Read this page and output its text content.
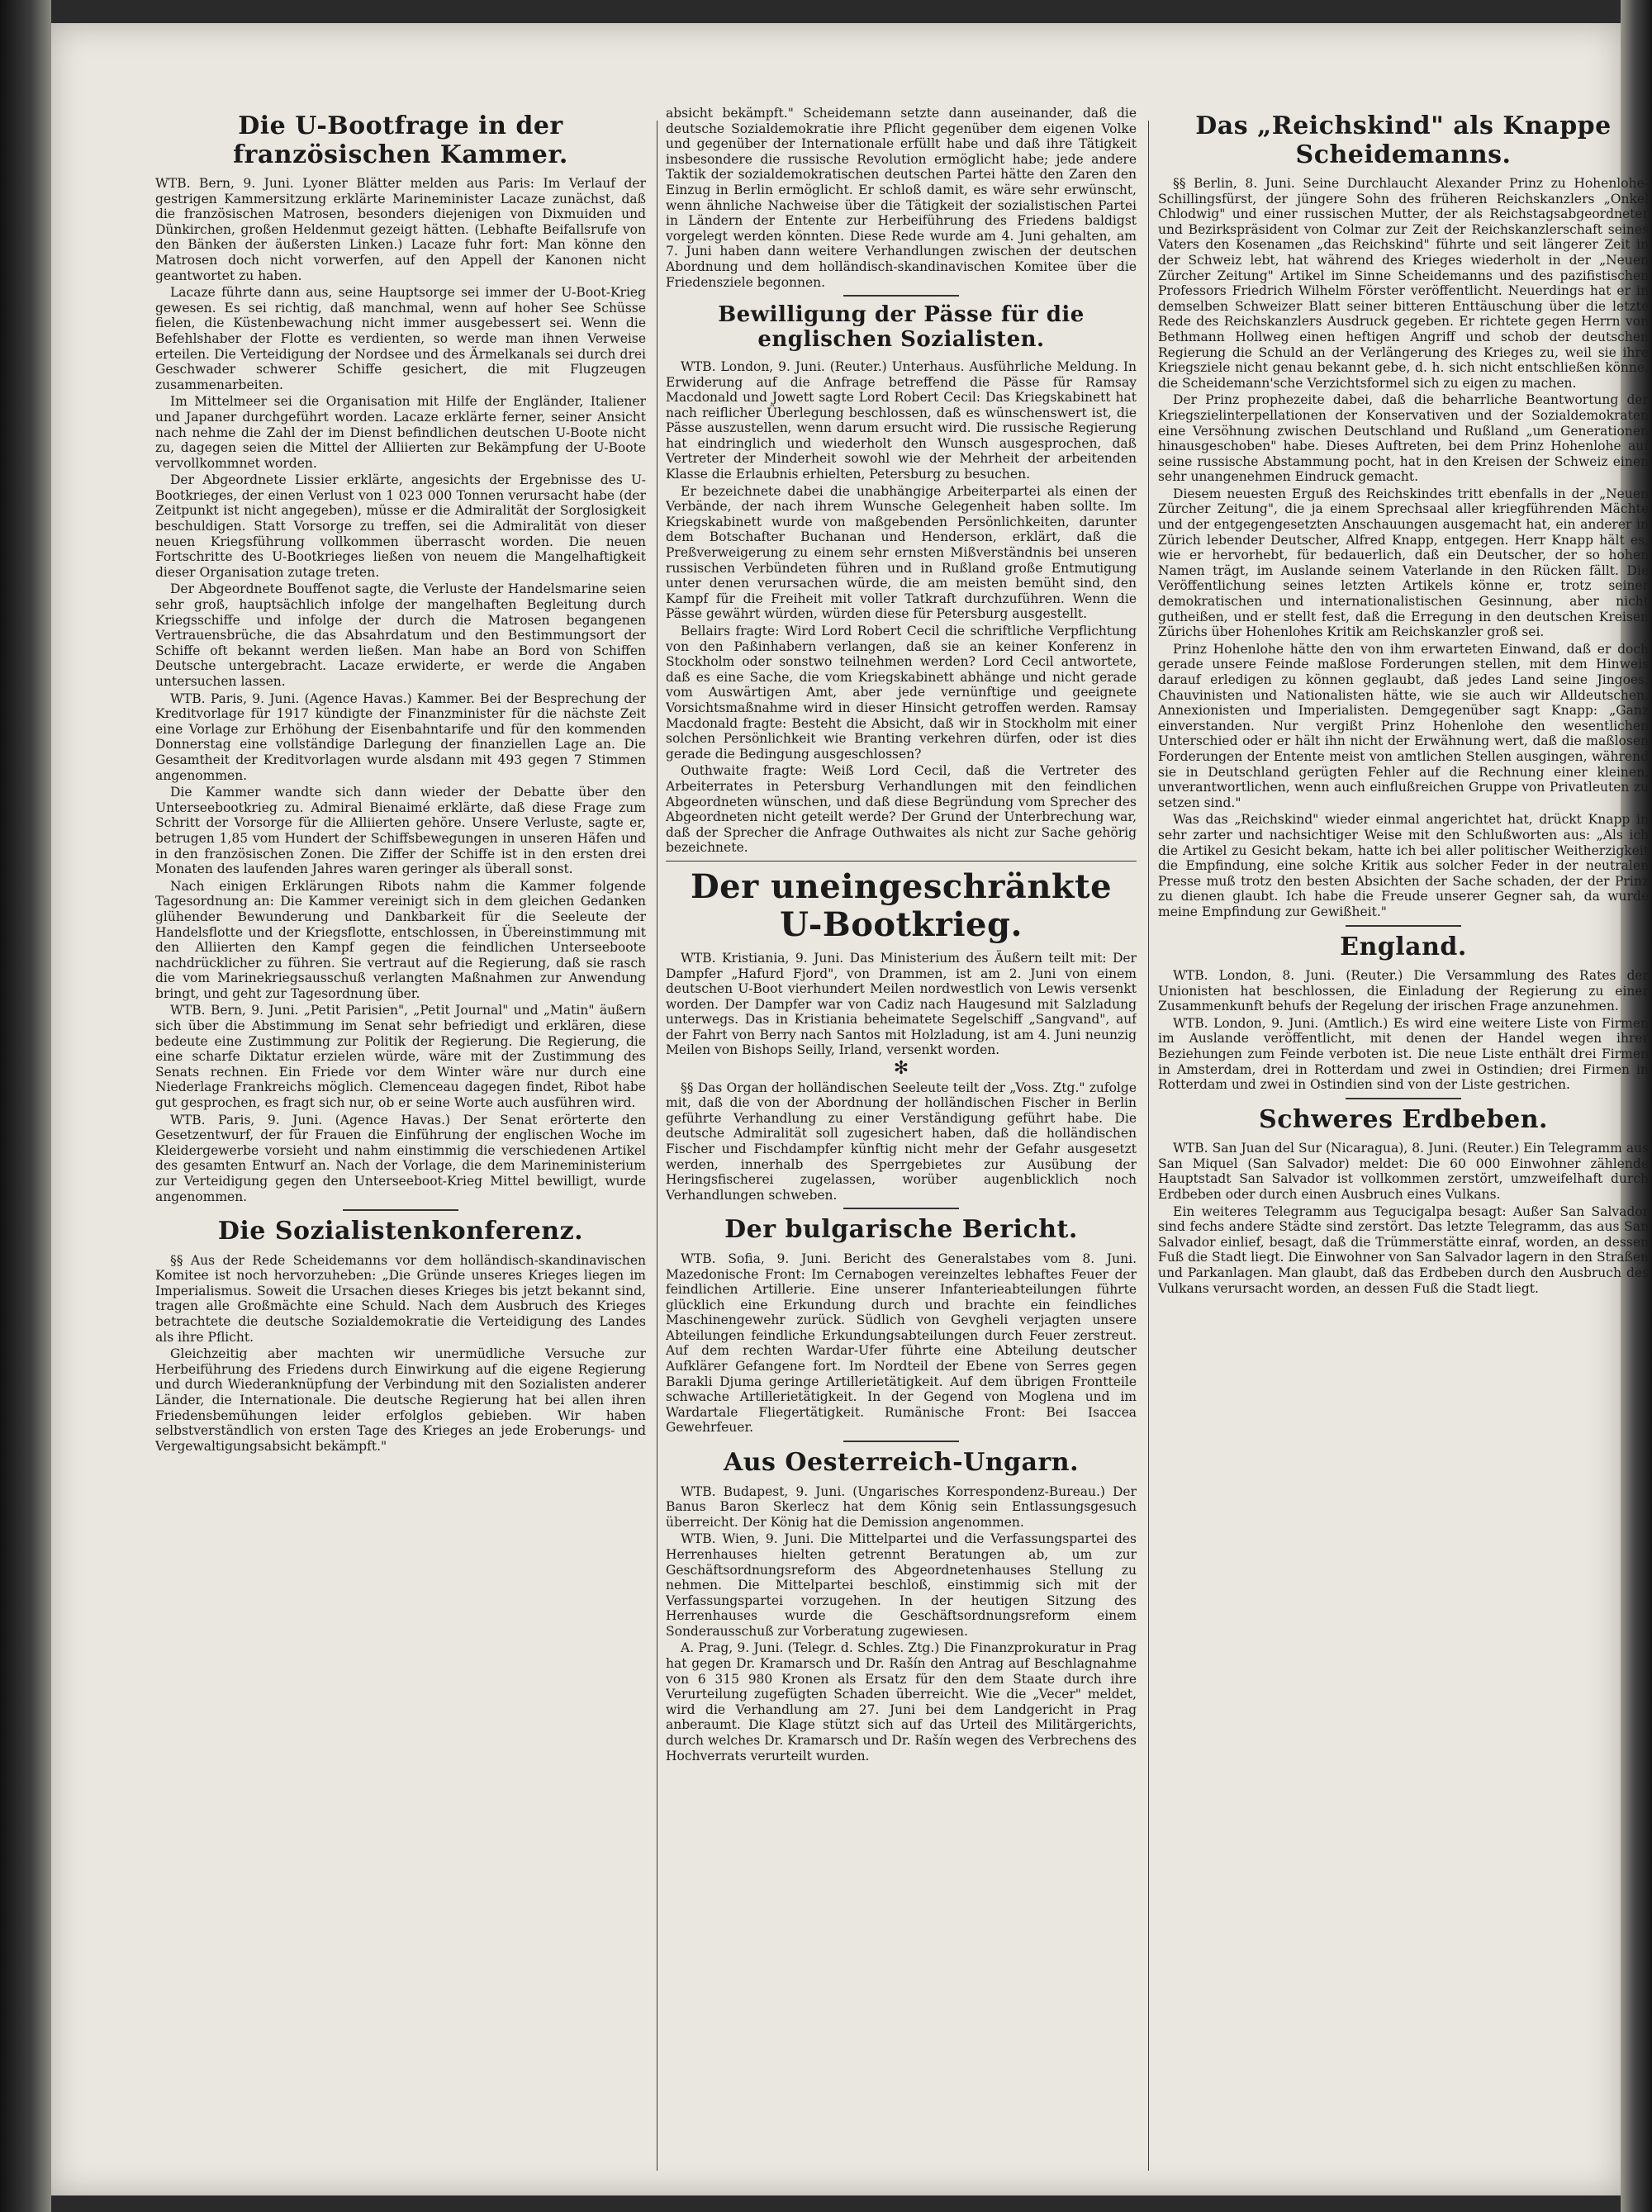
Die U-Bootfrage in der französischen Kammer.

WTB. Bern, 9. Juni. Lyoner Blätter melden aus Paris: Im Verlauf der gestrigen Kammersitzung erklärte Marineminister Lacaze zunächst, daß die französischen Matrosen, besonders diejenigen von Dixmuiden und Dünkirchen, großen Heldenmut gezeigt hätten. (Lebhafte Beifallsrufe von den Bänken der äußersten Linken.) Lacaze fuhr fort: Man könne den Matrosen doch nicht vorwerfen, auf den Appell der Kanonen nicht geantwortet zu haben.

Lacaze führte dann aus, seine Hauptsorge sei immer der U-Boot-Krieg gewesen. Es sei richtig, daß manchmal, wenn auf hoher See Schüsse fielen, die Küstenbewachung nicht immer ausgebessert sei. Wenn die Befehlshaber der Flotte es verdienten, so werde man ihnen Verweise erteilen. Die Verteidigung der Nordsee und des Ärmelkanals sei durch drei Geschwader schwerer Schiffe gesichert, die mit Flugzeugen zusammenarbeiten.

Im Mittelmeer sei die Organisation mit Hilfe der Engländer, Italiener und Japaner durchgeführt worden. Lacaze erklärte ferner, seiner Ansicht nach nehme die Zahl der im Dienst befindlichen deutschen U-Boote nicht zu, dagegen seien die Mittel der Alliierten zur Bekämpfung der U-Boote vervollkommnet worden.

Der Abgeordnete Lissier erklärte, angesichts der Ergebnisse des U-Bootkrieges, der einen Verlust von 1 023 000 Tonnen verursacht habe (der Zeitpunkt ist nicht angegeben), müsse er die Admiralität der Sorglosigkeit beschuldigen. Statt Vorsorge zu treffen, sei die Admiralität von dieser neuen Kriegsführung vollkommen überrascht worden. Die neuen Fortschritte des U-Bootkrieges ließen von neuem die Mangelhaftigkeit dieser Organisation zutage treten.

Der Abgeordnete Bouffenot sagte, die Verluste der Handelsmarine seien sehr groß, hauptsächlich infolge der mangelhaften Begleitung durch Kriegsschiffe und infolge der durch die Matrosen begangenen Vertrauensbrüche, die das Absahrdatum und den Bestimmungsort der Schiffe oft bekannt werden ließen. Man habe an Bord von Schiffen Deutsche untergebracht. Lacaze erwiderte, er werde die Angaben untersuchen lassen.

WTB. Paris, 9. Juni. (Agence Havas.) Kammer. Bei der Besprechung der Kreditvorlage für 1917 kündigte der Finanzminister für die nächste Zeit eine Vorlage zur Erhöhung der Eisenbahntarife und für den kommenden Donnerstag eine vollständige Darlegung der finanziellen Lage an. Die Gesamtheit der Kreditvorlagen wurde alsdann mit 493 gegen 7 Stimmen angenommen.

Die Kammer wandte sich dann wieder der Debatte über den Unterseebootkrieg zu. Admiral Bienaimé erklärte, daß diese Frage zum Schritt der Vorsorge für die Alliierten gehöre. Unsere Verluste, sagte er, betrugen 1,85 vom Hundert der Schiffsbewegungen in unseren Häfen und in den französischen Zonen. Die Ziffer der Schiffe ist in den ersten drei Monaten des laufenden Jahres waren geringer als überall sonst.

Nach einigen Erklärungen Ribots nahm die Kammer folgende Tagesordnung an: Die Kammer vereinigt sich in dem gleichen Gedanken glühender Bewunderung und Dankbarkeit für die Seeleute der Handelsflotte und der Kriegsflotte, entschlossen, in Übereinstimmung mit den Alliierten den Kampf gegen die feindlichen Unterseeboote nachdrücklicher zu führen. Sie vertraut auf die Regierung, daß sie rasch die vom Marinekriegsausschuß verlangten Maßnahmen zur Anwendung bringt, und geht zur Tagesordnung über.

WTB. Bern, 9. Juni. „Petit Parisien", „Petit Journal" und „Matin" äußern sich über die Abstimmung im Senat sehr befriedigt und erklären, diese bedeute eine Zustimmung zur Politik der Regierung. Die Regierung, die eine scharfe Diktatur erzielen würde, wäre mit der Zustimmung des Senats rechnen. Ein Friede vor dem Winter wäre nur durch eine Niederlage Frankreichs möglich. Clemenceau dagegen findet, Ribot habe gut gesprochen, es fragt sich nur, ob er seine Worte auch ausführen wird.

WTB. Paris, 9. Juni. (Agence Havas.) Der Senat erörterte den Gesetzentwurf, der für Frauen die Einführung der englischen Woche im Kleidergewerbe vorsieht und nahm einstimmig die verschiedenen Artikel des gesamten Entwurf an. Nach der Vorlage, die dem Marineministerium zur Verteidigung gegen den Unterseeboot-Krieg Mittel bewilligt, wurde angenommen.

Die Sozialistenkonferenz.

§§ Aus der Rede Scheidemanns vor dem holländisch-skandinavischen Komitee ist noch hervorzuheben: „Die Gründe unseres Krieges liegen im Imperialismus. Soweit die Ursachen dieses Krieges bis jetzt bekannt sind, tragen alle Großmächte eine Schuld. Nach dem Ausbruch des Krieges betrachtete die deutsche Sozialdemokratie die Verteidigung des Landes als ihre Pflicht.

Gleichzeitig aber machten wir unermüdliche Versuche zur Herbeiführung des Friedens durch Einwirkung auf die eigene Regierung und durch Wiederanknüpfung der Verbindung mit den Sozialisten anderer Länder, die Internationale. Die deutsche Regierung hat bei allen ihren Friedensbemühungen leider erfolglos gebieben. Wir haben selbstverständlich von ersten Tage des Krieges an jede Eroberungs- und Vergewaltigungsabsicht bekämpft."

absicht bekämpft." Scheidemann setzte dann auseinander, daß die deutsche Sozialdemokratie ihre Pflicht gegenüber dem eigenen Volke und gegenüber der Internationale erfüllt habe und daß ihre Tätigkeit insbesondere die russische Revolution ermöglicht habe; jede andere Taktik der sozialdemokratischen deutschen Partei hätte den Zaren den Einzug in Berlin ermöglicht. Er schloß damit, es wäre sehr erwünscht, wenn ähnliche Nachweise über die Tätigkeit der sozialistischen Partei in Ländern der Entente zur Herbeiführung des Friedens baldigst vorgelegt werden könnten. Diese Rede wurde am 4. Juni gehalten, am 7. Juni haben dann weitere Verhandlungen zwischen der deutschen Abordnung und dem holländisch-skandinavischen Komitee über die Friedensziele begonnen.

Bewilligung der Pässe für die englischen Sozialisten.

WTB. London, 9. Juni. (Reuter.) Unterhaus. Ausführliche Meldung. In Erwiderung auf die Anfrage betreffend die Pässe für Ramsay Macdonald und Jowett sagte Lord Robert Cecil: Das Kriegskabinett hat nach reiflicher Überlegung beschlossen, daß es wünschenswert ist, die Pässe auszustellen, wenn darum ersucht wird. Die russische Regierung hat eindringlich und wiederholt den Wunsch ausgesprochen, daß Vertreter der Minderheit sowohl wie der Mehrheit der arbeitenden Klasse die Erlaubnis erhielten, Petersburg zu besuchen.

Er bezeichnete dabei die unabhängige Arbeiterpartei als einen der Verbände, der nach ihrem Wunsche Gelegenheit haben sollte. Im Kriegskabinett wurde von maßgebenden Persönlichkeiten, darunter dem Botschafter Buchanan und Henderson, erklärt, daß die Preßverweigerung zu einem sehr ernsten Mißverständnis bei unseren russischen Verbündeten führen und in Rußland große Entmutigung unter denen verursachen würde, die am meisten bemüht sind, den Kampf für die Freiheit mit voller Tatkraft durchzuführen. Wenn die Pässe gewährt würden, würden diese für Petersburg ausgestellt.

Bellairs fragte: Wird Lord Robert Cecil die schriftliche Verpflichtung von den Paßinhabern verlangen, daß sie an keiner Konferenz in Stockholm oder sonstwo teilnehmen werden? Lord Cecil antwortete, daß es eine Sache, die vom Kriegskabinett abhänge und nicht gerade vom Auswärtigen Amt, aber jede vernünftige und geeignete Vorsichtsmaßnahme wird in dieser Hinsicht getroffen werden. Ramsay Macdonald fragte: Besteht die Absicht, daß wir in Stockholm mit einer solchen Persönlichkeit wie Branting verkehren dürfen, oder ist dies gerade die Bedingung ausgeschlossen?

Outhwaite fragte: Weiß Lord Cecil, daß die Vertreter des Arbeiterrates in Petersburg Verhandlungen mit den feindlichen Abgeordneten wünschen, und daß diese Begründung vom Sprecher des Abgeordneten nicht geteilt werde? Der Grund der Unterbrechung war, daß der Sprecher die Anfrage Outhwaites als nicht zur Sache gehörig bezeichnete.

Der uneingeschränkte U-Bootkrieg.

WTB. Kristiania, 9. Juni. Das Ministerium des Äußern teilt mit: Der Dampfer „Hafurd Fjord", von Drammen, ist am 2. Juni von einem deutschen U-Boot vierhundert Meilen nordwestlich von Lewis versenkt worden. Der Dampfer war von Cadiz nach Haugesund mit Salzladung unterwegs. Das in Kristiania beheimatete Segelschiff „Sangvand", auf der Fahrt von Berry nach Santos mit Holzladung, ist am 4. Juni neunzig Meilen von Bishops Seilly, Irland, versenkt worden.

✻

§§ Das Organ der holländischen Seeleute teilt der „Voss. Ztg." zufolge mit, daß die von der Abordnung der holländischen Fischer in Berlin geführte Verhandlung zu einer Verständigung geführt habe. Die deutsche Admiralität soll zugesichert haben, daß die holländischen Fischer und Fischdampfer künftig nicht mehr der Gefahr ausgesetzt werden, innerhalb des Sperrgebietes zur Ausübung der Heringsfischerei zugelassen, worüber augenblicklich noch Verhandlungen schweben.

Der bulgarische Bericht.

WTB. Sofia, 9. Juni. Bericht des Generalstabes vom 8. Juni. Mazedonische Front: Im Cernabogen vereinzeltes lebhaftes Feuer der feindlichen Artillerie. Eine unserer Infanterieabteilungen führte glücklich eine Erkundung durch und brachte ein feindliches Maschinengewehr zurück. Südlich von Gevgheli verjagten unsere Abteilungen feindliche Erkundungsabteilungen durch Feuer zerstreut. Auf dem rechten Wardar-Ufer führte eine Abteilung deutscher Aufklärer Gefangene fort. Im Nordteil der Ebene von Serres gegen Barakli Djuma geringe Artillerietätigkeit. Auf dem übrigen Frontteile schwache Artillerietätigkeit. In der Gegend von Moglena und im Wardartale Fliegertätigkeit. Rumänische Front: Bei Isaccea Gewehrfeuer.

Aus Oesterreich-Ungarn.

WTB. Budapest, 9. Juni. (Ungarisches Korrespondenz-Bureau.) Der Banus Baron Skerlecz hat dem König sein Entlassungsgesuch überreicht. Der König hat die Demission angenommen.

WTB. Wien, 9. Juni. Die Mittelpartei und die Verfassungspartei des Herrenhauses hielten getrennt Beratungen ab, um zur Geschäftsordnungsreform des Abgeordnetenhauses Stellung zu nehmen. Die Mittelpartei beschloß, einstimmig sich mit der Verfassungspartei vorzugehen. In der heutigen Sitzung des Herrenhauses wurde die Geschäftsordnungsreform einem Sonderausschuß zur Vorberatung zugewiesen.

A. Prag, 9. Juni. (Telegr. d. Schles. Ztg.) Die Finanzprokuratur in Prag hat gegen Dr. Kramarsch und Dr. Rašín den Antrag auf Beschlagnahme von 6 315 980 Kronen als Ersatz für den dem Staate durch ihre Verurteilung zugefügten Schaden überreicht. Wie die „Vecer" meldet, wird die Verhandlung am 27. Juni bei dem Landgericht in Prag anberaumt. Die Klage stützt sich auf das Urteil des Militärgerichts, durch welches Dr. Kramarsch und Dr. Rašín wegen des Verbrechens des Hochverrats verurteilt wurden.

Das „Reichskind" als Knappe Scheidemanns.

§§ Berlin, 8. Juni. Seine Durchlaucht Alexander Prinz zu Hohenlohe-Schillingsfürst, der jüngere Sohn des früheren Reichskanzlers „Onkel Chlodwig" und einer russischen Mutter, der als Reichstagsabgeordneter und Bezirkspräsident von Colmar zur Zeit der Reichskanzlerschaft seines Vaters den Kosenamen „das Reichskind" führte und seit längerer Zeit in der Schweiz lebt, hat während des Krieges wiederholt in der „Neuen Zürcher Zeitung" Artikel im Sinne Scheidemanns und des pazifistischen Professors Friedrich Wilhelm Förster veröffentlicht. Neuerdings hat er in demselben Schweizer Blatt seiner bitteren Enttäuschung über die letzte Rede des Reichskanzlers Ausdruck gegeben. Er richtete gegen Herrn von Bethmann Hollweg einen heftigen Angriff und schob der deutschen Regierung die Schuld an der Verlängerung des Krieges zu, weil sie ihre Kriegsziele nicht genau bekannt gebe, d. h. sich nicht entschließen könne, die Scheidemann'sche Verzichtsformel sich zu eigen zu machen.

Der Prinz prophezeite dabei, daß die beharrliche Beantwortung der Kriegszielinterpellationen der Konservativen und der Sozialdemokraten eine Versöhnung zwischen Deutschland und Rußland „um Generationen hinausgeschoben" habe. Dieses Auftreten, bei dem Prinz Hohenlohe auf seine russische Abstammung pocht, hat in den Kreisen der Schweiz einen sehr unangenehmen Eindruck gemacht.

Diesem neuesten Erguß des Reichskindes tritt ebenfalls in der „Neuen Zürcher Zeitung", die ja einem Sprechsaal aller kriegführenden Mächte und der entgegengesetzten Anschauungen ausgemacht hat, ein anderer in Zürich lebender Deutscher, Alfred Knapp, entgegen. Herr Knapp hält es, wie er hervorhebt, für bedauerlich, daß ein Deutscher, der so hohen Namen trägt, im Auslande seinem Vaterlande in den Rücken fällt. Die Veröffentlichung seines letzten Artikels könne er, trotz seiner demokratischen und internationalistischen Gesinnung, aber nicht gutheißen, und er stellt fest, daß die Erregung in den deutschen Kreisen Zürichs über Hohenlohes Kritik am Reichskanzler groß sei.

Prinz Hohenlohe hätte den von ihm erwarteten Einwand, daß er doch gerade unsere Feinde maßlose Forderungen stellen, mit dem Hinweis darauf erledigen zu können geglaubt, daß jedes Land seine Jingoes, Chauvinisten und Nationalisten hätte, wie sie auch wir Alldeutschen, Annexionisten und Imperialisten. Demgegenüber sagt Knapp: „Ganz einverstanden. Nur vergißt Prinz Hohenlohe den wesentlichen Unterschied oder er hält ihn nicht der Erwähnung wert, daß die maßlosen Forderungen der Entente meist von amtlichen Stellen ausgingen, während sie in Deutschland gerügten Fehler auf die Rechnung einer kleinen, unverantwortlichen, wenn auch einflußreichen Gruppe von Privatleuten zu setzen sind."

Was das „Reichskind" wieder einmal angerichtet hat, drückt Knapp in sehr zarter und nachsichtiger Weise mit den Schlußworten aus: „Als ich die Artikel zu Gesicht bekam, hatte ich bei aller politischer Weitherzigkeit die Empfindung, eine solche Kritik aus solcher Feder in der neutralen Presse muß trotz den besten Absichten der Sache schaden, der der Prinz zu dienen glaubt. Ich habe die Freude unserer Gegner sah, da wurde meine Empfindung zur Gewißheit."

England.

WTB. London, 8. Juni. (Reuter.) Die Versammlung des Rates der Unionisten hat beschlossen, die Einladung der Regierung zu einer Zusammenkunft behufs der Regelung der irischen Frage anzunehmen.

WTB. London, 9. Juni. (Amtlich.) Es wird eine weitere Liste von Firmen im Auslande veröffentlicht, mit denen der Handel wegen ihrer Beziehungen zum Feinde verboten ist. Die neue Liste enthält drei Firmen in Amsterdam, drei in Rotterdam und zwei in Ostindien; drei Firmen in Rotterdam und zwei in Ostindien sind von der Liste gestrichen.

Schweres Erdbeben.

WTB. San Juan del Sur (Nicaragua), 8. Juni. (Reuter.) Ein Telegramm aus San Miquel (San Salvador) meldet: Die 60 000 Einwohner zählende Hauptstadt San Salvador ist vollkommen zerstört, umzweifelhaft durch Erdbeben oder durch einen Ausbruch eines Vulkans.

Ein weiteres Telegramm aus Tegucigalpa besagt: Außer San Salvador sind fechs andere Städte sind zerstört. Das letzte Telegramm, das aus San Salvador einlief, besagt, daß die Trümmerstätte einraf, worden, an dessen Fuß die Stadt liegt. Die Einwohner von San Salvador lagern in den Straßen und Parkanlagen. Man glaubt, daß das Erdbeben durch den Ausbruch des Vulkans verursacht worden, an dessen Fuß die Stadt liegt.
